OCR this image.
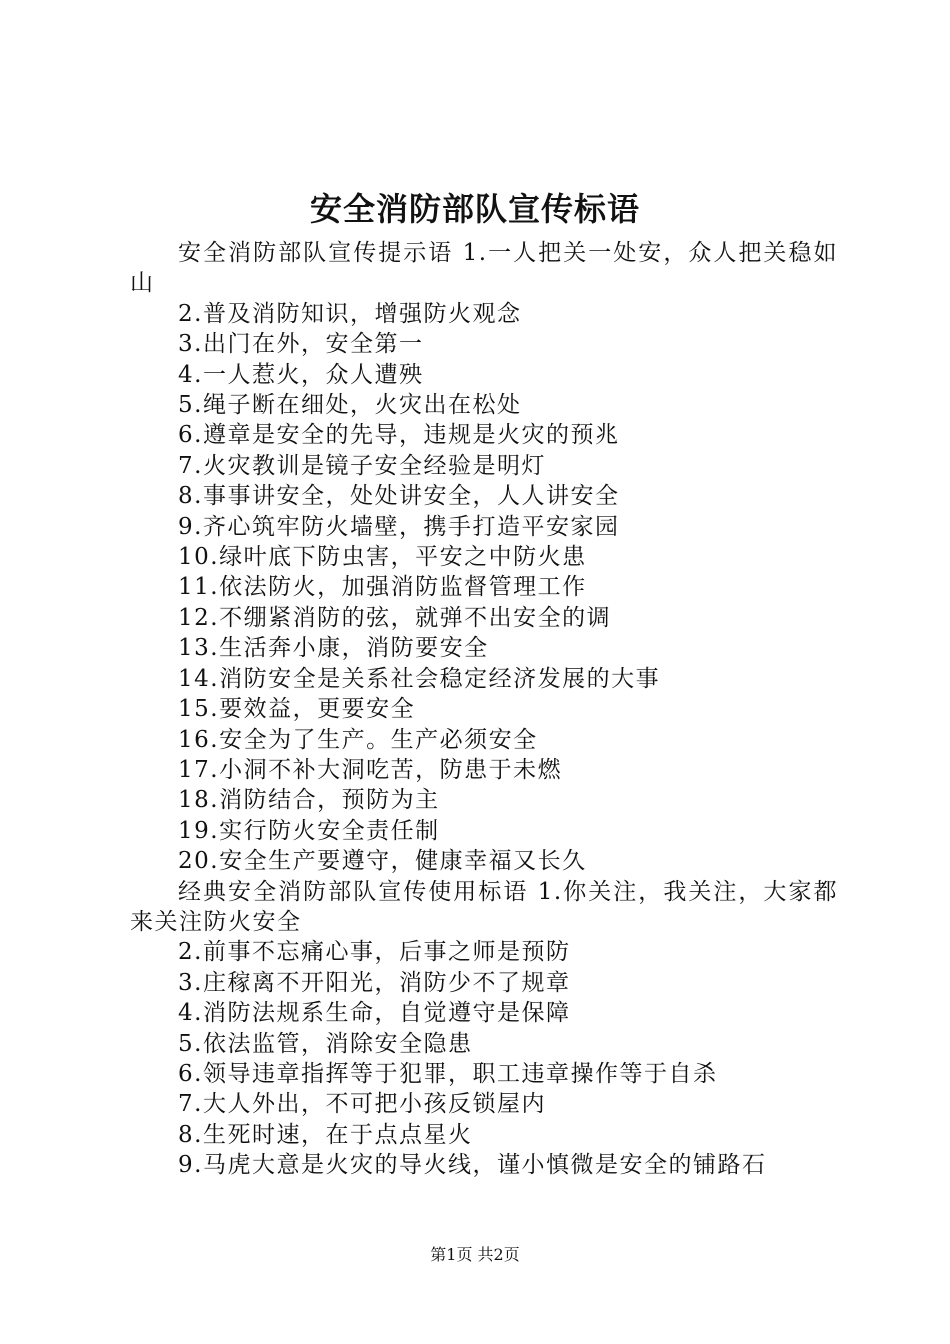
安全消防部队宣传标语

安全消防部队宣传提示语 1.一人把关一处安，众人把关稳如山

2.普及消防知识，增强防火观念

3.出门在外，安全第一

4.一人惹火，众人遭殃

5.绳子断在细处，火灾出在松处

6.遵章是安全的先导，违规是火灾的预兆

7.火灾教训是镜子安全经验是明灯

8.事事讲安全，处处讲安全，人人讲安全

9.齐心筑牢防火墙壁，携手打造平安家园

10.绿叶底下防虫害，平安之中防火患

11.依法防火，加强消防监督管理工作

12.不绷紧消防的弦，就弹不出安全的调

13.生活奔小康，消防要安全

14.消防安全是关系社会稳定经济发展的大事

15.要效益，更要安全

16.安全为了生产。生产必须安全

17.小洞不补大洞吃苦，防患于未燃

18.消防结合，预防为主

19.实行防火安全责任制

20.安全生产要遵守，健康幸福又长久

经典安全消防部队宣传使用标语 1.你关注，我关注，大家都来关注防火安全

2.前事不忘痛心事，后事之师是预防

3.庄稼离不开阳光，消防少不了规章

4.消防法规系生命，自觉遵守是保障

5.依法监管，消除安全隐患

6.领导违章指挥等于犯罪，职工违章操作等于自杀

7.大人外出，不可把小孩反锁屋内

8.生死时速，在于点点星火

9.马虎大意是火灾的导火线，谨小慎微是安全的铺路石

第1页 共2页
